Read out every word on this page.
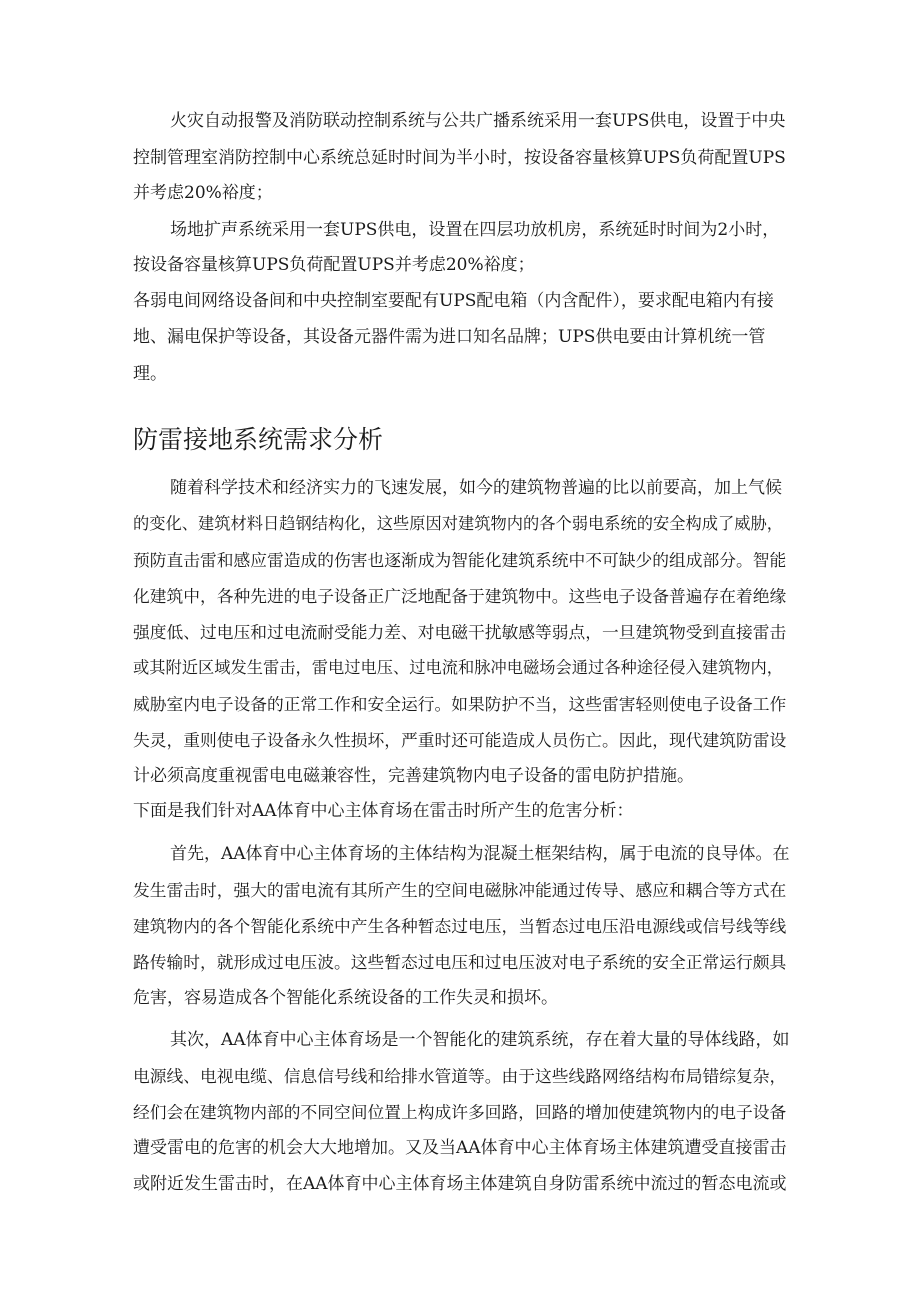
火灾自动报警及消防联动控制系统与公共广播系统采用一套UPS供电，设置于中央

控制管理室消防控制中心系统总延时时间为半小时，按设备容量核算UPS负荷配置UPS

并考虑20%裕度；

场地扩声系统采用一套UPS供电，设置在四层功放机房，系统延时时间为2小时，

按设备容量核算UPS负荷配置UPS并考虑20%裕度；

各弱电间网络设备间和中央控制室要配有UPS配电箱（内含配件），要求配电箱内有接

地、漏电保护等设备，其设备元器件需为进口知名品牌；UPS供电要由计算机统一管

理。

防雷接地系统需求分析

随着科学技术和经济实力的飞速发展，如今的建筑物普遍的比以前要高，加上气候

的变化、建筑材料日趋钢结构化，这些原因对建筑物内的各个弱电系统的安全构成了威胁，

预防直击雷和感应雷造成的伤害也逐渐成为智能化建筑系统中不可缺少的组成部分。智能

化建筑中，各种先进的电子设备正广泛地配备于建筑物中。这些电子设备普遍存在着绝缘

强度低、过电压和过电流耐受能力差、对电磁干扰敏感等弱点，一旦建筑物受到直接雷击

或其附近区域发生雷击，雷电过电压、过电流和脉冲电磁场会通过各种途径侵入建筑物内，

威胁室内电子设备的正常工作和安全运行。如果防护不当，这些雷害轻则使电子设备工作

失灵，重则使电子设备永久性损坏，严重时还可能造成人员伤亡。因此，现代建筑防雷设

计必须高度重视雷电电磁兼容性，完善建筑物内电子设备的雷电防护措施。

下面是我们针对AA体育中心主体育场在雷击时所产生的危害分析：

首先，AA体育中心主体育场的主体结构为混凝土框架结构，属于电流的良导体。在

发生雷击时，强大的雷电流有其所产生的空间电磁脉冲能通过传导、感应和耦合等方式在

建筑物内的各个智能化系统中产生各种暂态过电压，当暂态过电压沿电源线或信号线等线

路传输时，就形成过电压波。这些暂态过电压和过电压波对电子系统的安全正常运行颇具

危害，容易造成各个智能化系统设备的工作失灵和损坏。

其次，AA体育中心主体育场是一个智能化的建筑系统，存在着大量的导体线路，如

电源线、电视电缆、信息信号线和给排水管道等。由于这些线路网络结构布局错综复杂，

经们会在建筑物内部的不同空间位置上构成许多回路，回路的增加使建筑物内的电子设备

遭受雷电的危害的机会大大地增加。又及当AA体育中心主体育场主体建筑遭受直接雷击

或附近发生雷击时，在AA体育中心主体育场主体建筑自身防雷系统中流过的暂态电流或
